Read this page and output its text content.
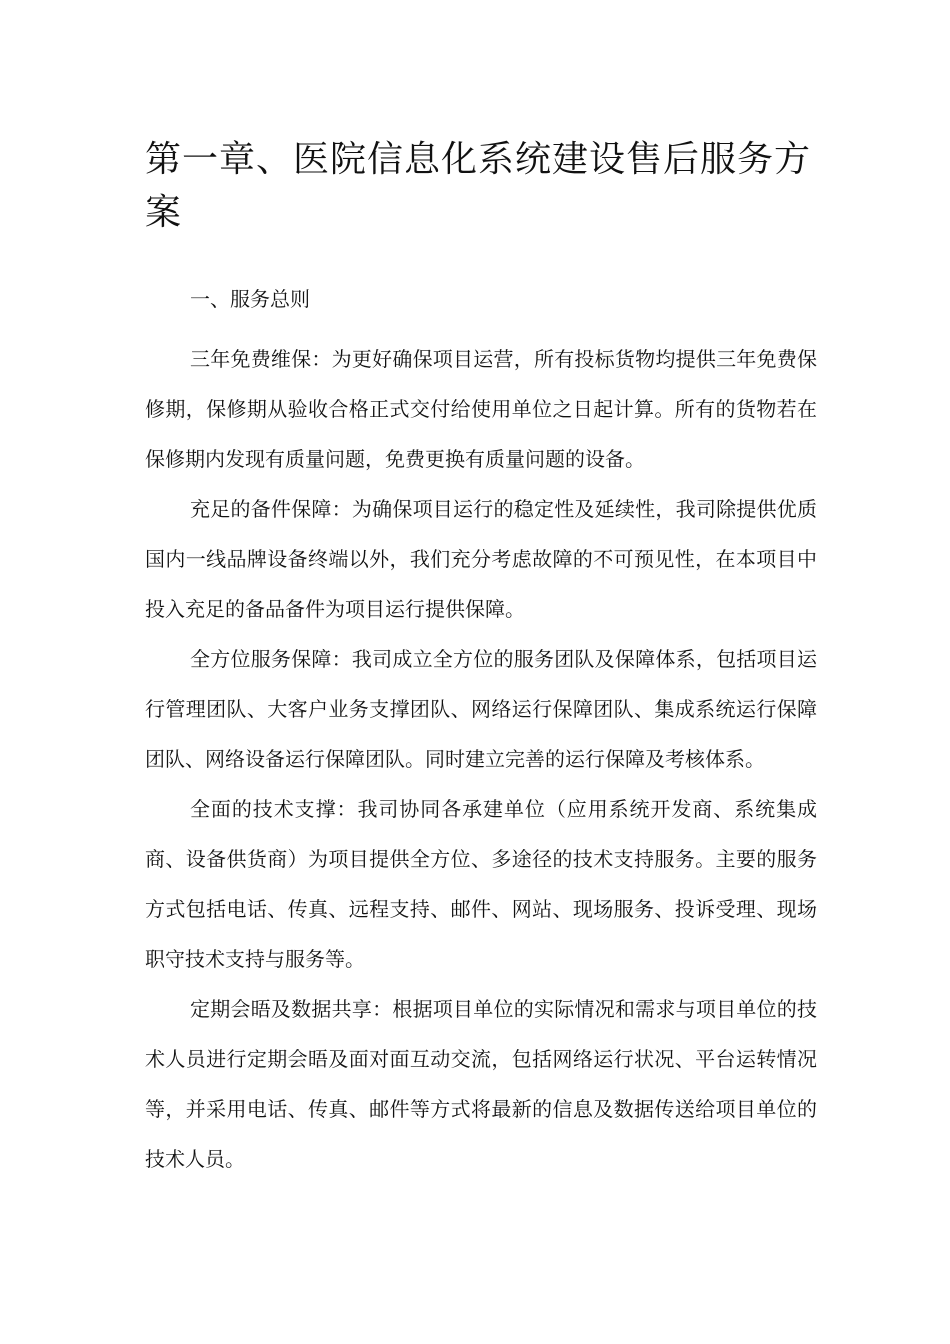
第一章、医院信息化系统建设售后服务方案
一、服务总则

三年免费维保：为更好确保项目运营，所有投标货物均提供三年免费保修期，保修期从验收合格正式交付给使用单位之日起计算。所有的货物若在保修期内发现有质量问题，免费更换有质量问题的设备。

充足的备件保障：为确保项目运行的稳定性及延续性，我司除提供优质国内一线品牌设备终端以外，我们充分考虑故障的不可预见性，在本项目中投入充足的备品备件为项目运行提供保障。

全方位服务保障：我司成立全方位的服务团队及保障体系，包括项目运行管理团队、大客户业务支撑团队、网络运行保障团队、集成系统运行保障团队、网络设备运行保障团队。同时建立完善的运行保障及考核体系。

全面的技术支撑：我司协同各承建单位（应用系统开发商、系统集成商、设备供货商）为项目提供全方位、多途径的技术支持服务。主要的服务方式包括电话、传真、远程支持、邮件、网站、现场服务、投诉受理、现场职守技术支持与服务等。

定期会晤及数据共享：根据项目单位的实际情况和需求与项目单位的技术人员进行定期会晤及面对面互动交流，包括网络运行状况、平台运转情况等，并采用电话、传真、邮件等方式将最新的信息及数据传送给项目单位的技术人员。
